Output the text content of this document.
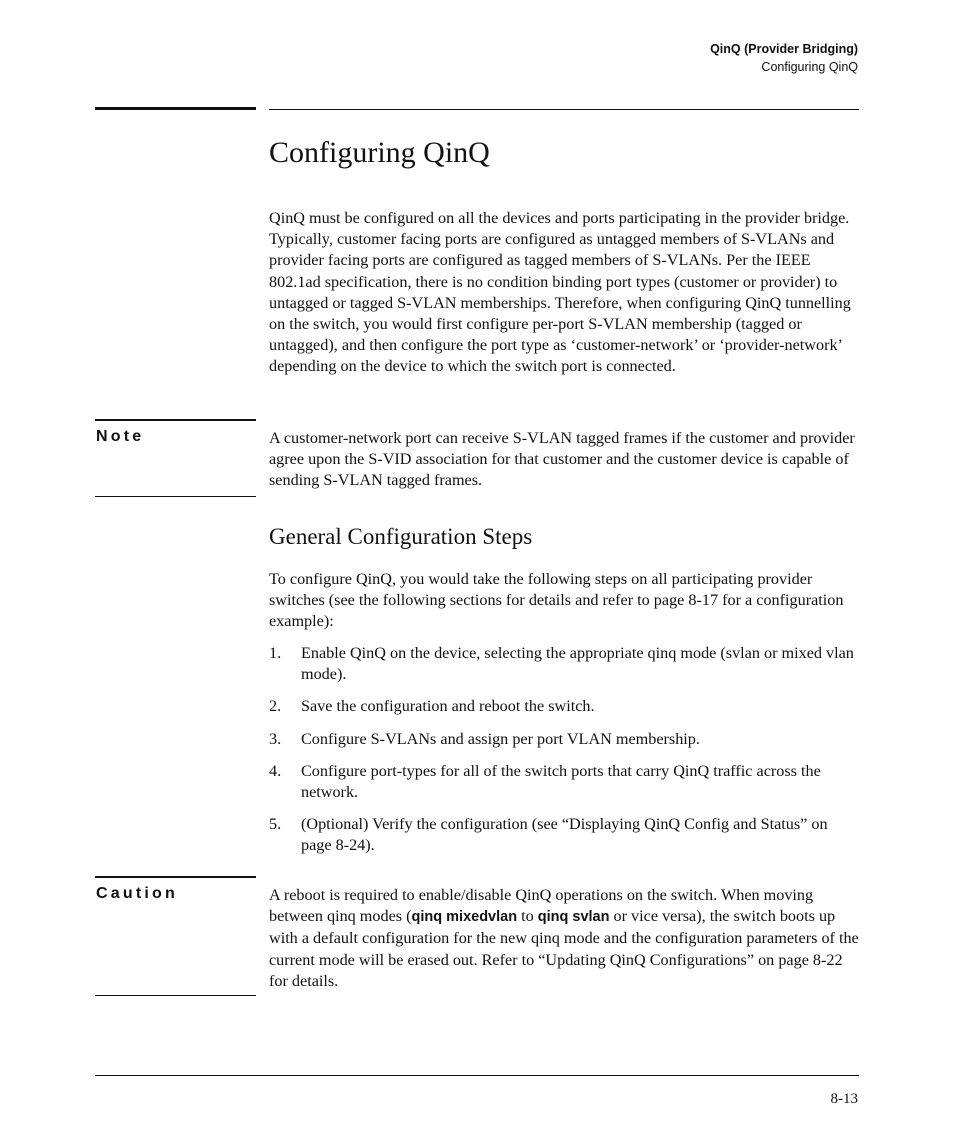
QinQ (Provider Bridging)
Configuring QinQ
Configuring QinQ

QinQ must be configured on all the devices and ports participating in the provider bridge. Typically, customer facing ports are configured as untagged members of S-VLANs and provider facing ports are configured as tagged members of S-VLANs. Per the IEEE 802.1ad specification, there is no condition binding port types (customer or provider) to untagged or tagged S-VLAN memberships. Therefore, when configuring QinQ tunnelling on the switch, you would first configure per-port S-VLAN membership (tagged or untagged), and then configure the port type as ‘customer-network’ or ‘provider-network’ depending on the device to which the switch port is connected.

Note	A customer-network port can receive S-VLAN tagged frames if the customer and provider agree upon the S-VID association for that customer and the customer device is capable of sending S-VLAN tagged frames.

General Configuration Steps

To configure QinQ, you would take the following steps on all participating provider switches (see the following sections for details and refer to page 8-17 for a configuration example):

1. Enable QinQ on the device, selecting the appropriate qinq mode (svlan or mixed vlan mode).
2. Save the configuration and reboot the switch.
3. Configure S-VLANs and assign per port VLAN membership.
4. Configure port-types for all of the switch ports that carry QinQ traffic across the network.
5. (Optional) Verify the configuration (see “Displaying QinQ Config and Status” on page 8-24).
Caution	A reboot is required to enable/disable QinQ operations on the switch. When moving between qinq modes (qinq mixedvlan to qinq svlan or vice versa), the switch boots up with a default configuration for the new qinq mode and the configuration parameters of the current mode will be erased out. Refer to “Updating QinQ Configurations” on page 8-22 for details.

8-13
